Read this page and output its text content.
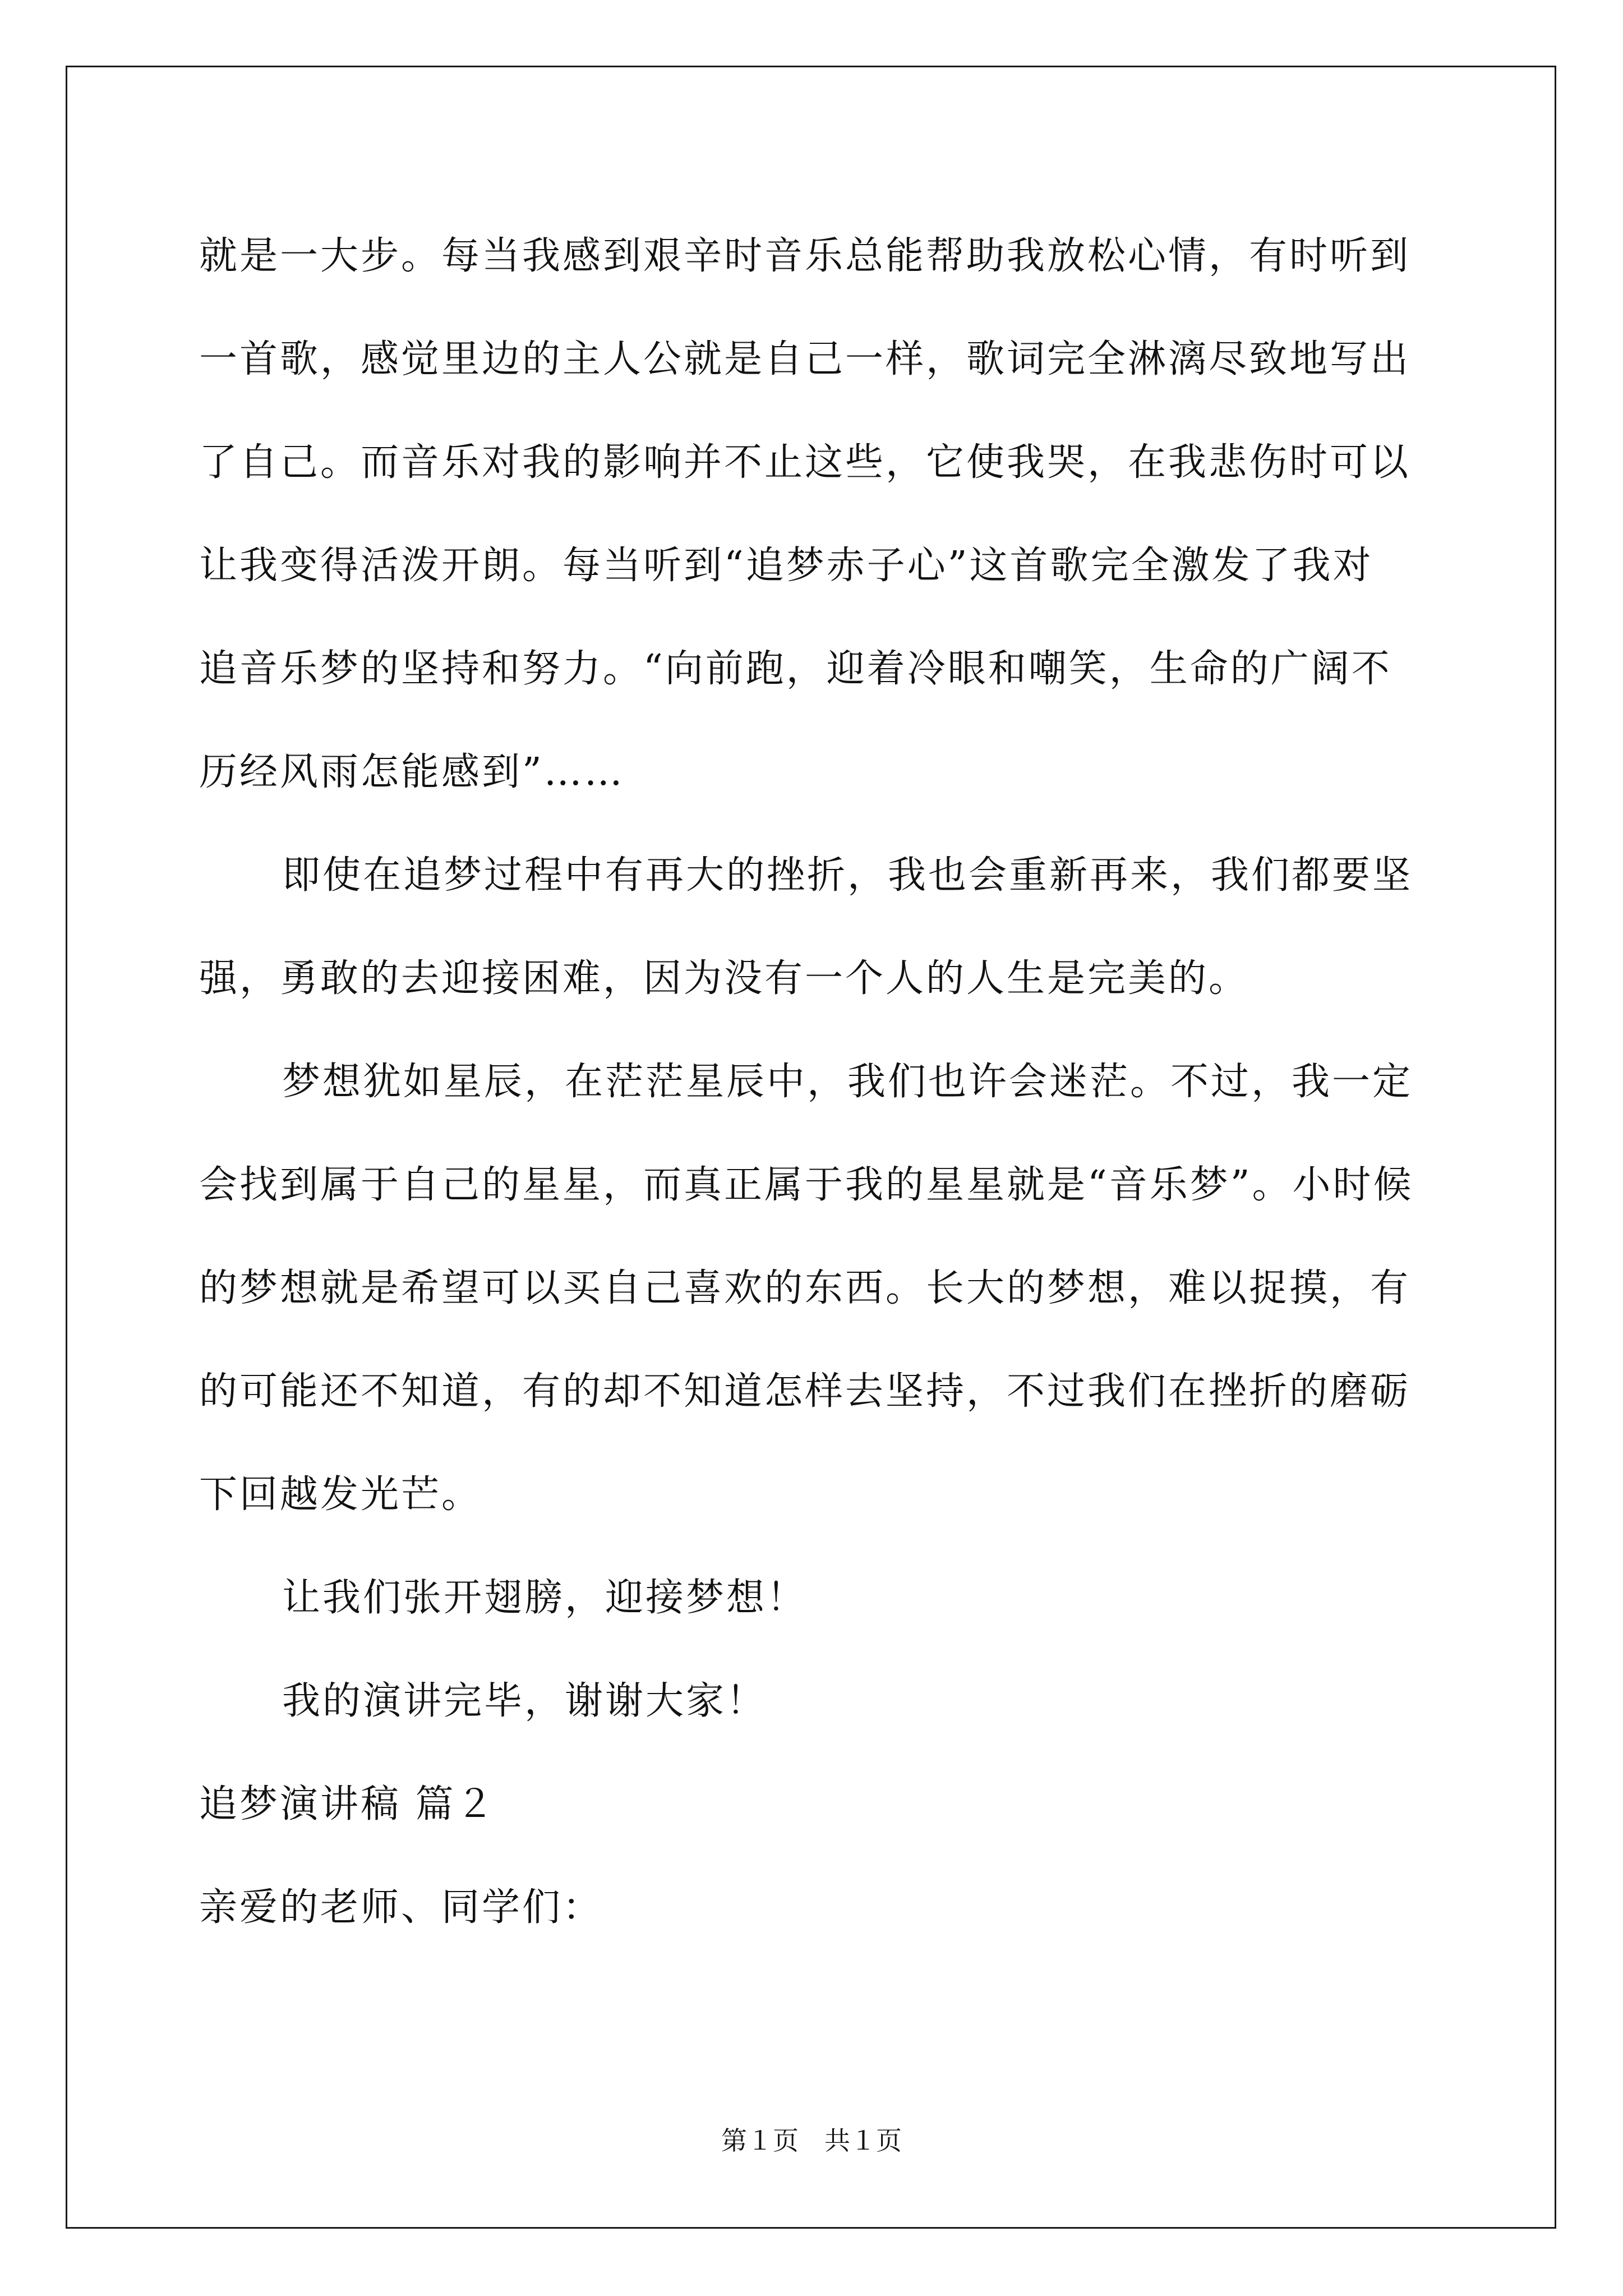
就是一大步。每当我感到艰辛时音乐总能帮助我放松心情，有时听到
一首歌，感觉里边的主人公就是自己一样，歌词完全淋漓尽致地写出
了自己。而音乐对我的影响并不止这些，它使我哭，在我悲伤时可以
让我变得活泼开朗。每当听到“追梦赤子心”这首歌完全激发了我对
追音乐梦的坚持和努力。“向前跑，迎着冷眼和嘲笑，生命的广阔不
历经风雨怎能感到”……
即使在追梦过程中有再大的挫折，我也会重新再来，我们都要坚
强，勇敢的去迎接困难，因为没有一个人的人生是完美的。
梦想犹如星辰，在茫茫星辰中，我们也许会迷茫。不过，我一定
会找到属于自己的星星，而真正属于我的星星就是“音乐梦”。小时候
的梦想就是希望可以买自己喜欢的东西。长大的梦想，难以捉摸，有
的可能还不知道，有的却不知道怎样去坚持，不过我们在挫折的磨砺
下回越发光芒。
让我们张开翅膀，迎接梦想！
我的演讲完毕，谢谢大家！
追梦演讲稿 篇２
亲爱的老师、同学们：
第１页　共１页
